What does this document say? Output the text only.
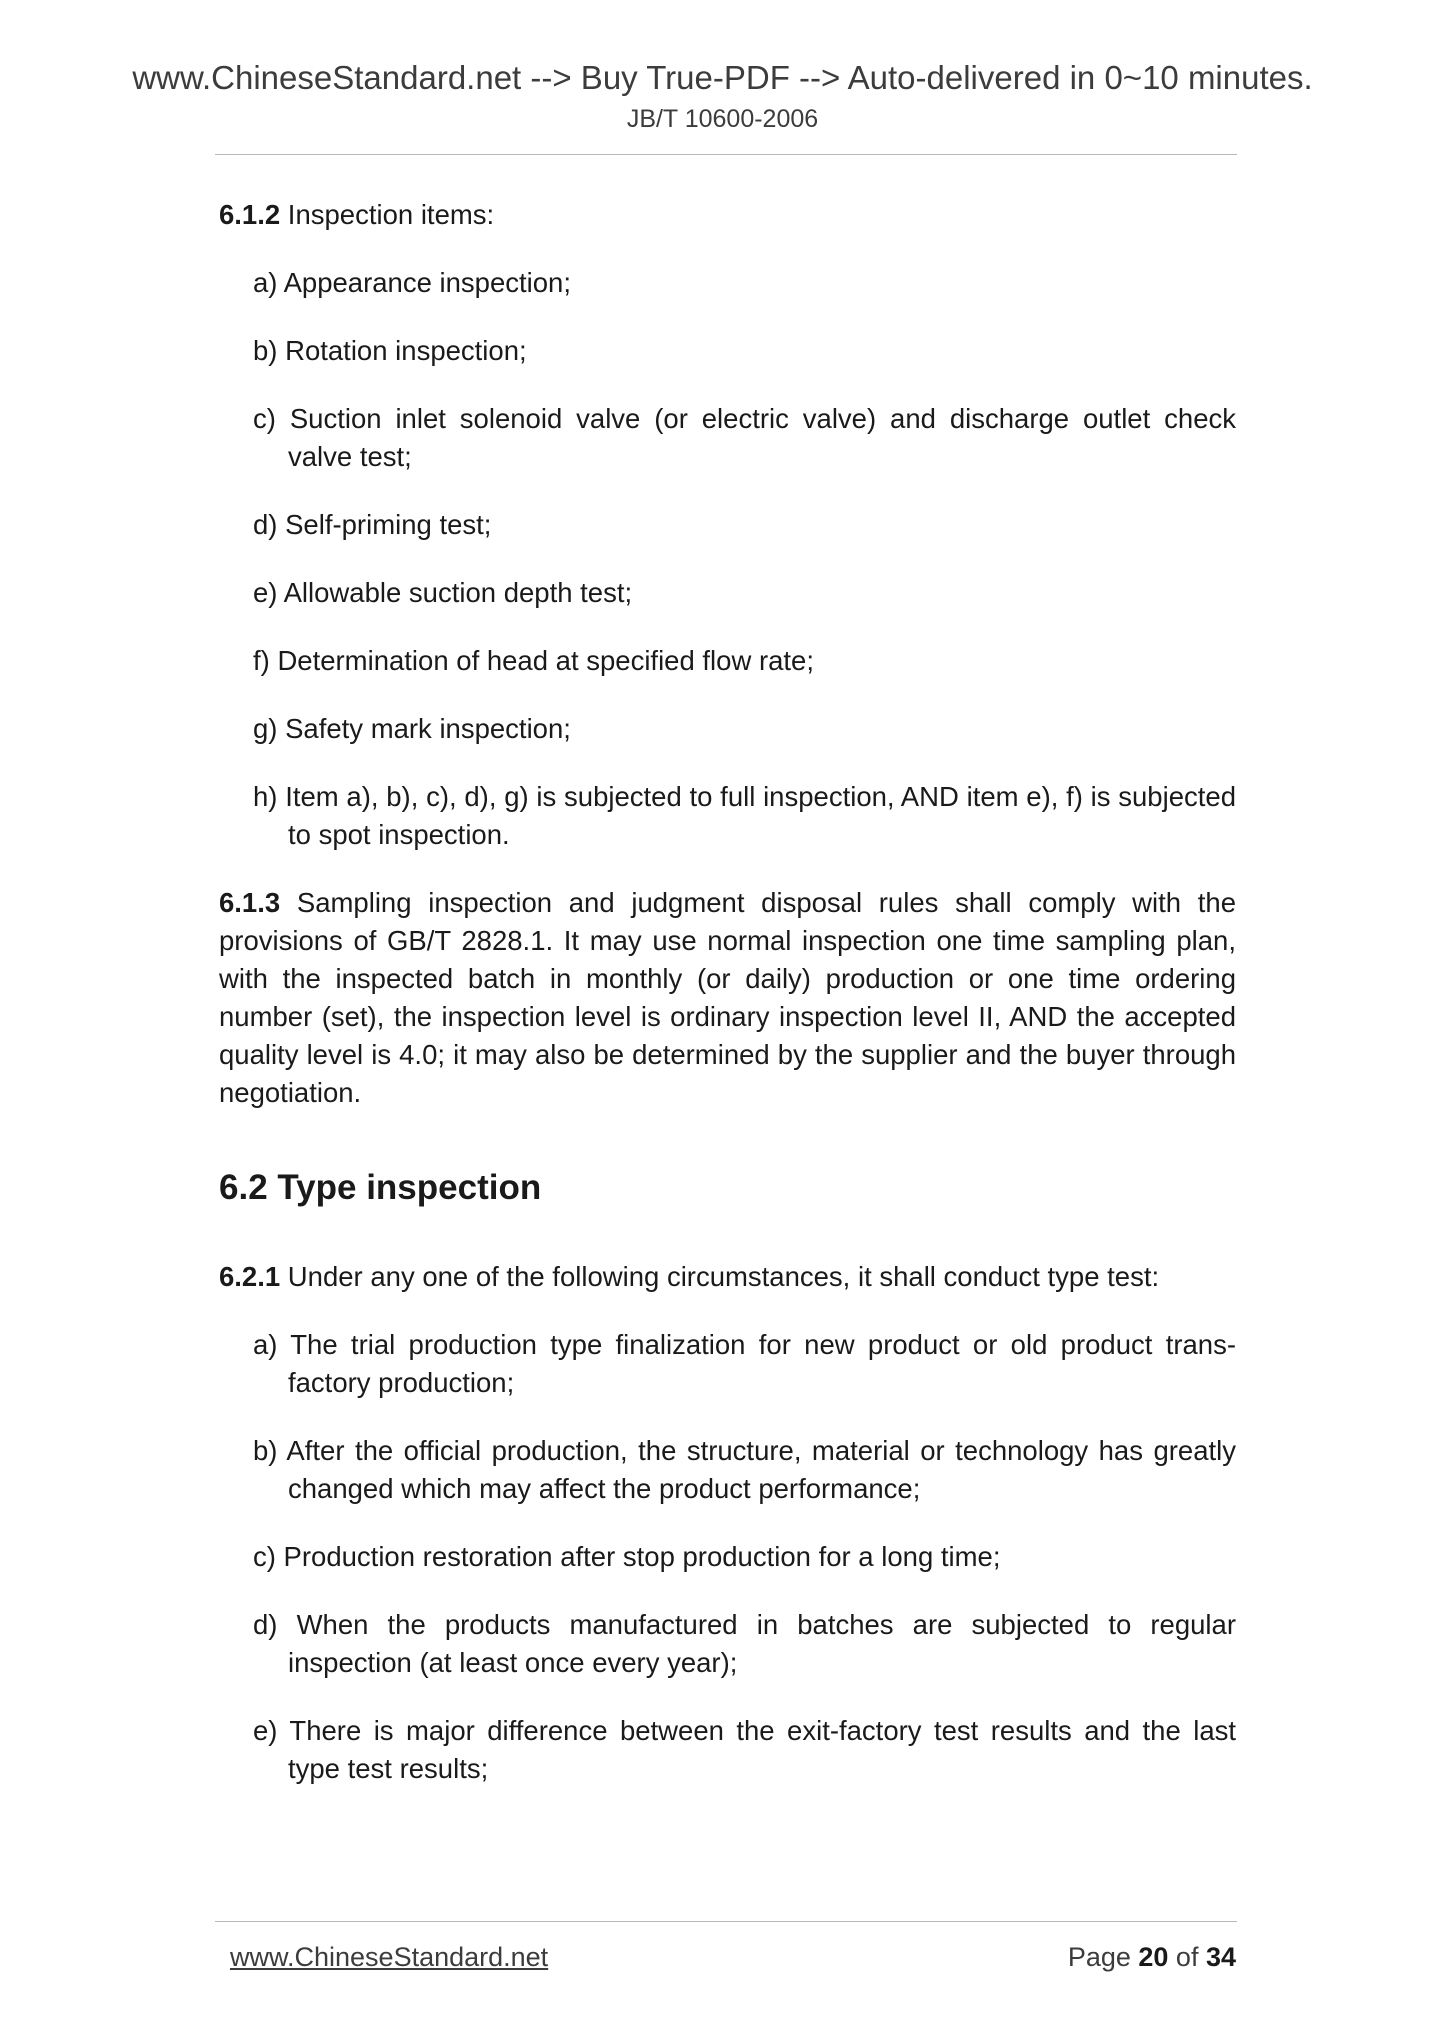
www.ChineseStandard.net --> Buy True-PDF --> Auto-delivered in 0~10 minutes.
JB/T 10600-2006

6.1.2 Inspection items:

a) Appearance inspection;
b) Rotation inspection;
c) Suction inlet solenoid valve (or electric valve) and discharge outlet check valve test;
d) Self-priming test;
e) Allowable suction depth test;
f) Determination of head at specified flow rate;
g) Safety mark inspection;
h) Item a), b), c), d), g) is subjected to full inspection, AND item e), f) is subjected to spot inspection.

6.1.3 Sampling inspection and judgment disposal rules shall comply with the provisions of GB/T 2828.1. It may use normal inspection one time sampling plan, with the inspected batch in monthly (or daily) production or one time ordering number (set), the inspection level is ordinary inspection level II, AND the accepted quality level is 4.0; it may also be determined by the supplier and the buyer through negotiation.

6.2 Type inspection

6.2.1 Under any one of the following circumstances, it shall conduct type test:

a) The trial production type finalization for new product or old product trans-factory production;
b) After the official production, the structure, material or technology has greatly changed which may affect the product performance;
c) Production restoration after stop production for a long time;
d) When the products manufactured in batches are subjected to regular inspection (at least once every year);
e) There is major difference between the exit-factory test results and the last type test results;
www.ChineseStandard.net	Page 20 of 34
